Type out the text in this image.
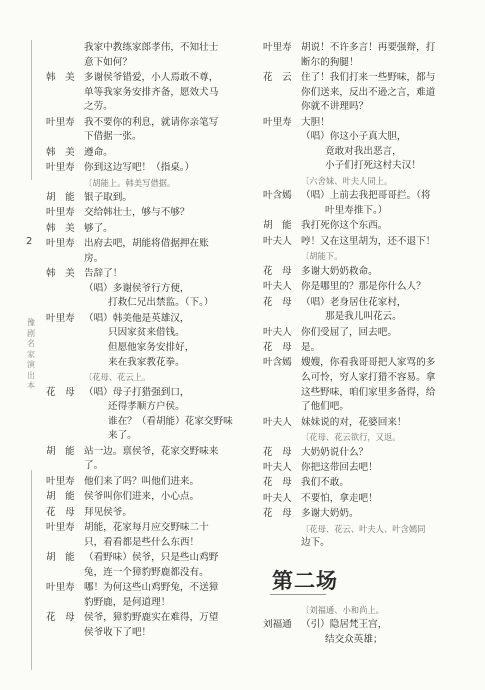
2
豫剧名家演出本
我家中教练家郎孝伟，不知壮士
意下如何？
韩　美 多谢侯爷错爱，小人焉敢不尊，
单等我家务安排齐备，愿效犬马
之劳。
叶里寿 我不要你的利息，就请你亲笔写
下借据一张。
韩　美 遵命。
叶里寿 你到这边写吧！（指桌。）
〔胡能上。韩美写借据。
胡　能 银子取到。
叶里寿 交给韩壮士，够与不够？
韩　美 够了。
叶里寿 出府去吧，胡能将借据押在账
房。
韩　美 告辞了！
（唱）多谢侯爷行方便，
打救仁兄出禁监。（下。）
叶里寿 （唱）韩美他是英雄汉，
只因家贫来借钱。
但愿他家务安排好，
来在我家教花拳。
〔花母、花云上。
花　母 （唱）母子打猎强到口，
还得孝顺方户侯。
谁在？（看胡能）花家交野味
来了。
胡　能 站一边。禀侯爷，花家交野味来
了。
叶里寿 他们来了吗？叫他们进来。
胡　能 侯爷叫你们进来，小心点。
花　母 拜见侯爷。
叶里寿 胡能，花家每月应交野味二十
只，看看都是些什么东西！
胡　能 （看野味）侯爷，只是些山鸡野
兔，连一个獐豹野鹿都没有。
叶里寿 哪！为何这些山鸡野兔，不送獐
豹野鹿，是何道理！
花　母 侯爷，獐豹野鹿实在难得，万望
侯爷收下了吧！
叶里寿 胡说！不许多言！再要强辩，打
断尔的狗腿！
花　云 住了！我们打来一些野味，都与
你们送来，反出不逊之言，难道
你就不讲理吗？
叶里寿 大胆！
（唱）你这小子真大胆，
竟敢对我出恶言，
小子们打死这村夫汉！
〔六舍妹、叶夫人同上。
叶含嫣 （唱）上前去我把哥哥拦。（将
叶里寿推下。）
胡　能 我打死你这个东西。
叶夫人 哼！又在这里胡为，还不退下！
〔胡能下。
花　母 多谢大奶奶救命。
叶夫人 你是哪里的？那是你什么人？
花　母 （唱）老身居住花家村，
那是我儿叫花云。
叶夫人 你们受屈了，回去吧。
花　母 是。
叶含嫣 嫂嫂，你看我哥哥把人家骂的多
么可怜，穷人家打猎不容易。拿
这些野味，咱们家里多备得，给
了他们吧。
叶夫人 妹妹说的对，花婆回来！
〔花母、花云欲行，又返。
花　母 大奶奶说什么？
叶夫人 你把这带回去吧！
花　母 我们不敢。
叶夫人 不要怕，拿走吧！
花　母 多谢大奶奶。
〔花母、花云、叶夫人、叶含嫣同
边下。
〔刘福通、小和尚上。
刘福通 （引）隐居梵王宫，
结交众英雄；
第二场
